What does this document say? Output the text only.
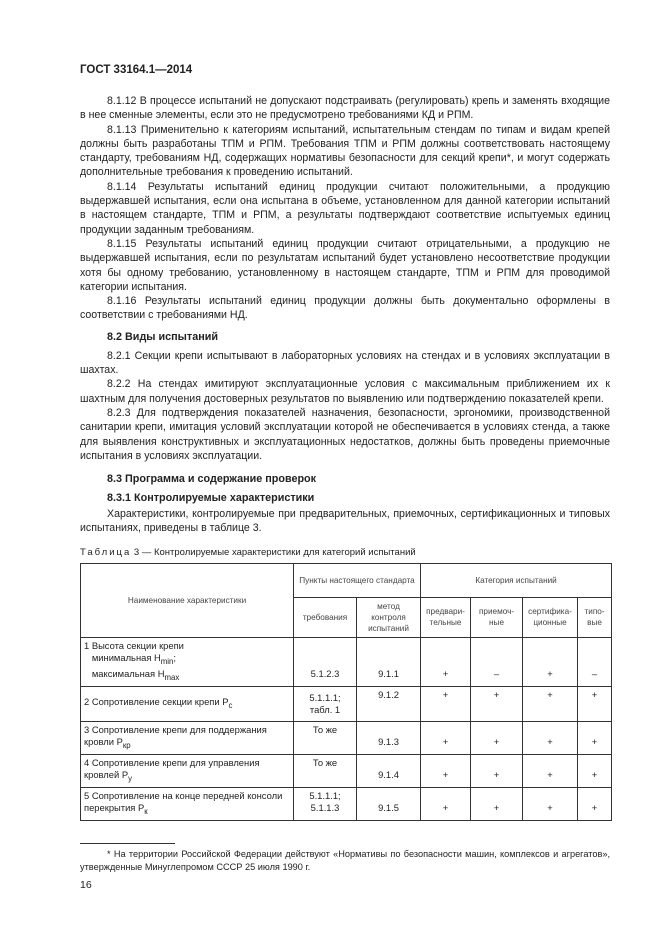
ГОСТ 33164.1—2014

8.1.12 В процессе испытаний не допускают подстраивать (регулировать) крепь и заменять входящие в нее сменные элементы, если это не предусмотрено требованиями КД и РПМ.

8.1.13 Применительно к категориям испытаний, испытательным стендам по типам и видам крепей должны быть разработаны ТПМ и РПМ. Требования ТПМ и РПМ должны соответствовать настоящему стандарту, требованиям НД, содержащих нормативы безопасности для секций крепи*, и могут содержать дополнительные требования к проведению испытаний.

8.1.14 Результаты испытаний единиц продукции считают положительными, а продукцию выдержавшей испытания, если она испытана в объеме, установленном для данной категории испытаний в настоящем стандарте, ТПМ и РПМ, а результаты подтверждают соответствие испытуемых единиц продукции заданным требованиям.

8.1.15 Результаты испытаний единиц продукции считают отрицательными, а продукцию не выдержавшей испытания, если по результатам испытаний будет установлено несоответствие продукции хотя бы одному требованию, установленному в настоящем стандарте, ТПМ и РПМ для проводимой категории испытания.

8.1.16 Результаты испытаний единиц продукции должны быть документально оформлены в соответствии с требованиями НД.

8.2 Виды испытаний

8.2.1 Секции крепи испытывают в лабораторных условиях на стендах и в условиях эксплуатации в шахтах.

8.2.2 На стендах имитируют эксплуатационные условия с максимальным приближением их к шахтным для получения достоверных результатов по выявлению или подтверждению показателей крепи.

8.2.3 Для подтверждения показателей назначения, безопасности, эргономики, производственной санитарии крепи, имитация условий эксплуатации которой не обеспечивается в условиях стенда, а также для выявления конструктивных и эксплуатационных недостатков, должны быть проведены приемочные испытания в условиях эксплуатации.

8.3 Программа и содержание проверок
8.3.1 Контролируемые характеристики

Характеристики, контролируемые при предварительных, приемочных, сертификационных и типовых испытаниях, приведены в таблице 3.

Таблица 3 — Контролируемые характеристики для категорий испытаний
Наименование характеристики	Пункты настоящего стандарта		Категория испытаний			
	требования	метод контроля испытаний	предвари-тельные	приемоч-ные	сертифика-ционные	типо-вые
1 Высота секции крепи
минимальная $H_{min}$;
максимальная $H_{max}$	5.1.2.3	9.1.1	+	–	+	–
2 Сопротивление секции крепи $P_с$	5.1.1.1; табл. 1	9.1.2	+	+	+	+
3 Сопротивление крепи для поддержания кровли $P_{кр}$	То же	9.1.3	+	+	+	+
4 Сопротивление крепи для управления кровлей $P_у$	То же	9.1.4	+	+	+	+
5 Сопротивление на конце передней консоли перекрытия $P_к$	5.1.1.1; 5.1.1.3	9.1.5	+	+	+	+
* На территории Российской Федерации действуют «Нормативы по безопасности машин, комплексов и агрегатов», утвержденные Минуглепромом СССР 25 июля 1990 г.
16
